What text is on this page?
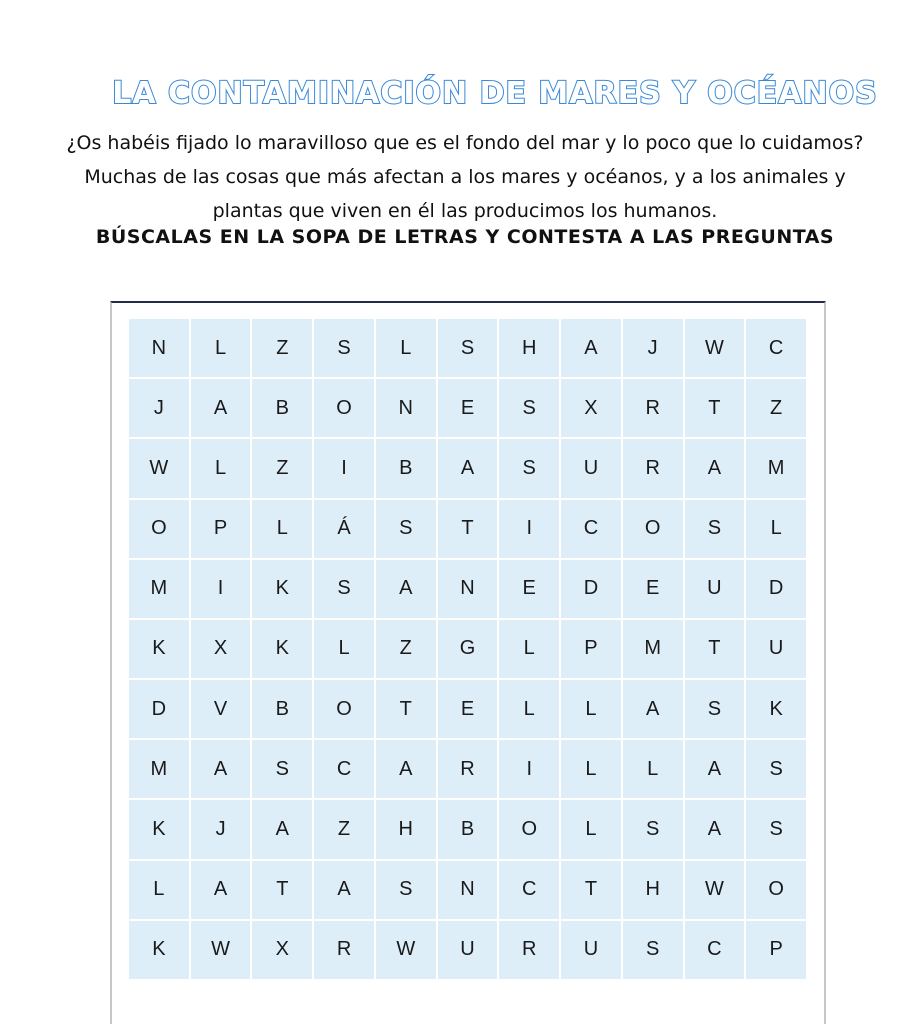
LA CONTAMINACIÓN DE MARES Y OCÉANOS

¿Os habéis fijado lo maravilloso que es el fondo del mar y lo poco que lo cuidamos?

Muchas de las cosas que más afectan a los mares y océanos, y a los animales y

plantas que viven en él las producimos los humanos.

BÚSCALAS EN LA SOPA DE LETRAS Y CONTESTA A LAS PREGUNTAS
N	L	Z	S	L	S	H	A	J	W	C
J	A	B	O	N	E	S	X	R	T	Z
W	L	Z	I	B	A	S	U	R	A	M
O	P	L	Á	S	T	I	C	O	S	L
M	I	K	S	A	N	E	D	E	U	D
K	X	K	L	Z	G	L	P	M	T	U
D	V	B	O	T	E	L	L	A	S	K
M	A	S	C	A	R	I	L	L	A	S
K	J	A	Z	H	B	O	L	S	A	S
L	A	T	A	S	N	C	T	H	W	O
K	W	X	R	W	U	R	U	S	C	P
